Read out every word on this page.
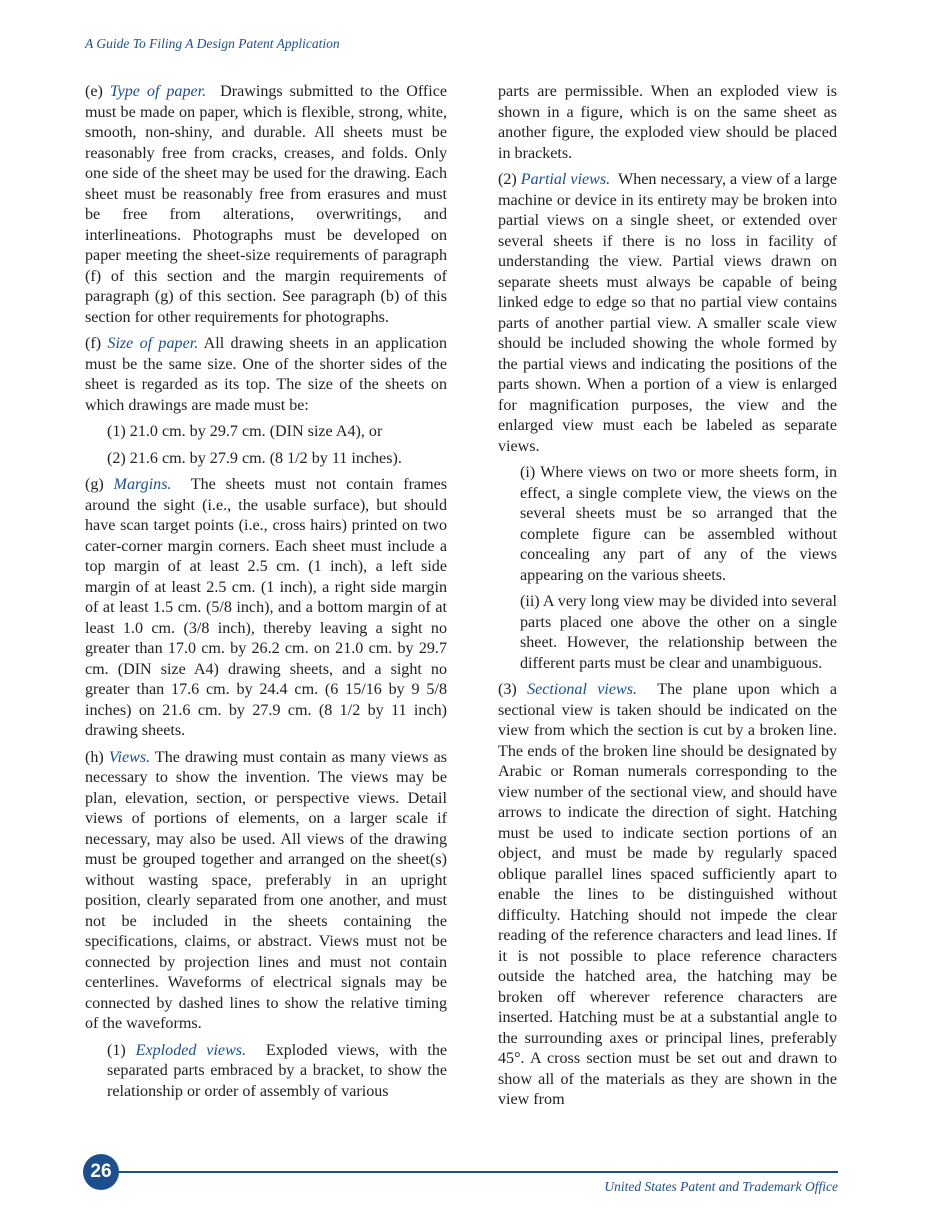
A Guide To Filing A Design Patent Application

(e) Type of paper. Drawings submitted to the Office must be made on paper, which is flexible, strong, white, smooth, non-shiny, and durable. All sheets must be reasonably free from cracks, creases, and folds. Only one side of the sheet may be used for the drawing. Each sheet must be reasonably free from erasures and must be free from alterations, overwritings, and interlineations. Photographs must be developed on paper meeting the sheet-size requirements of paragraph (f) of this section and the margin requirements of paragraph (g) of this section. See paragraph (b) of this section for other requirements for photographs.

(f) Size of paper. All drawing sheets in an application must be the same size. One of the shorter sides of the sheet is regarded as its top. The size of the sheets on which drawings are made must be:

(1) 21.0 cm. by 29.7 cm. (DIN size A4), or

(2) 21.6 cm. by 27.9 cm. (8 1/2 by 11 inches).

(g) Margins. The sheets must not contain frames around the sight (i.e., the usable surface), but should have scan target points (i.e., cross hairs) printed on two cater-corner margin corners. Each sheet must include a top margin of at least 2.5 cm. (1 inch), a left side margin of at least 2.5 cm. (1 inch), a right side margin of at least 1.5 cm. (5/8 inch), and a bottom margin of at least 1.0 cm. (3/8 inch), thereby leaving a sight no greater than 17.0 cm. by 26.2 cm. on 21.0 cm. by 29.7 cm. (DIN size A4) drawing sheets, and a sight no greater than 17.6 cm. by 24.4 cm. (6 15/16 by 9 5/8 inches) on 21.6 cm. by 27.9 cm. (8 1/2 by 11 inch) drawing sheets.

(h) Views. The drawing must contain as many views as necessary to show the invention. The views may be plan, elevation, section, or perspective views. Detail views of portions of elements, on a larger scale if necessary, may also be used. All views of the drawing must be grouped together and arranged on the sheet(s) without wasting space, preferably in an upright position, clearly separated from one another, and must not be included in the sheets containing the specifications, claims, or abstract. Views must not be connected by projection lines and must not contain centerlines. Waveforms of electrical signals may be connected by dashed lines to show the relative timing of the waveforms.

(1) Exploded views. Exploded views, with the separated parts embraced by a bracket, to show the relationship or order of assembly of various

parts are permissible. When an exploded view is shown in a figure, which is on the same sheet as another figure, the exploded view should be placed in brackets.

(2) Partial views. When necessary, a view of a large machine or device in its entirety may be broken into partial views on a single sheet, or extended over several sheets if there is no loss in facility of understanding the view. Partial views drawn on separate sheets must always be capable of being linked edge to edge so that no partial view contains parts of another partial view. A smaller scale view should be included showing the whole formed by the partial views and indicating the positions of the parts shown. When a portion of a view is enlarged for magnification purposes, the view and the enlarged view must each be labeled as separate views.

(i) Where views on two or more sheets form, in effect, a single complete view, the views on the several sheets must be so arranged that the complete figure can be assembled without concealing any part of any of the views appearing on the various sheets.

(ii) A very long view may be divided into several parts placed one above the other on a single sheet. However, the relationship between the different parts must be clear and unambiguous.

(3) Sectional views. The plane upon which a sectional view is taken should be indicated on the view from which the section is cut by a broken line. The ends of the broken line should be designated by Arabic or Roman numerals corresponding to the view number of the sectional view, and should have arrows to indicate the direction of sight. Hatching must be used to indicate section portions of an object, and must be made by regularly spaced oblique parallel lines spaced sufficiently apart to enable the lines to be distinguished without difficulty. Hatching should not impede the clear reading of the reference characters and lead lines. If it is not possible to place reference characters outside the hatched area, the hatching may be broken off wherever reference characters are inserted. Hatching must be at a substantial angle to the surrounding axes or principal lines, preferably 45°. A cross section must be set out and drawn to show all of the materials as they are shown in the view from

26
United States Patent and Trademark Office
